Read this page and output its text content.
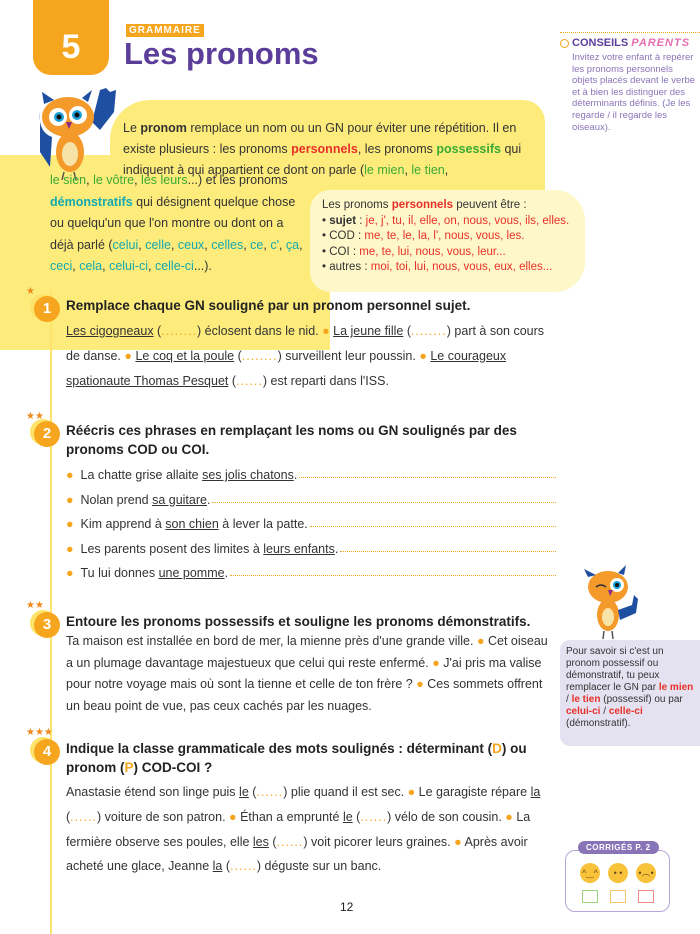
5	GRAMMAIRE
Les pronoms	CONSEILS PARENTS
Invitez votre enfant à repérer les pronoms personnels objets placés devant le verbe et à bien les distinguer des déterminants définis. (Je les regarde / il regarde les oiseaux).
Le pronom remplace un nom ou un GN pour éviter une répétition. Il en existe plusieurs : les pronoms personnels, les pronoms possessifs qui indiquent à qui appartient ce dont on parle (le mien, le tien,
le sien, le vôtre, les leurs...) et les pronoms démonstratifs qui désignent quelque chose ou quelqu'un que l'on montre ou dont on a déjà parlé (celui, celle, ceux, celles, ce, c', ça, ceci, cela, celui-ci, celle-ci...).
Les pronoms personnels peuvent être :
• sujet : je, j', tu, il, elle, on, nous, vous, ils, elles.
• COD : me, te, le, la, l', nous, vous, les.
• COI : me, te, lui, nous, vous, leur...
• autres : moi, toi, lui, nous, vous, eux, elles...
★
1	Remplace chaque GN souligné par un pronom personnel sujet.

Les cigogneaux (........) éclosent dans le nid. ● La jeune fille (........) part à son cours de danse. ● Le coq et la poule (........) surveillent leur poussin. ● Le courageux spationaute Thomas Pesquet (......) est reparti dans l'ISS.

★★
2	Réécris ces phrases en remplaçant les noms ou GN soulignés par des pronoms COD ou COI.
● La chatte grise allaite ses jolis chatons.
● Nolan prend sa guitare.
● Kim apprend à son chien à lever la patte.
● Les parents posent des limites à leurs enfants.
● Tu lui donnes une pomme.
★★
3	Entoure les pronoms possessifs et souligne les pronoms démonstratifs.

Ta maison est installée en bord de mer, la mienne près d'une grande ville. ● Cet oiseau a un plumage davantage majestueux que celui qui reste enfermé. ● J'ai pris ma valise pour notre voyage mais où sont la tienne et celle de ton frère ? ● Ces sommets offrent un beau point de vue, pas ceux cachés par les nuages.

★★★
4	Indique la classe grammaticale des mots soulignés : déterminant (D) ou pronom (P) COD-COI ?

Anastasie étend son linge puis le (......) plie quand il est sec. ● Le garagiste répare la (......) voiture de son patron. ● Éthan a emprunté le (......) vélo de son cousin. ● La fermière observe ses poules, elle les (......) voit picorer leurs graines. ● Après avoir acheté une glace, Jeanne la (......) déguste sur un banc.

Pour savoir si c'est un pronom possessif ou démonstratif, tu peux remplacer le GN par le mien / le tien (possessif) ou par celui-ci / celle-ci (démonstratif).
CORRIGÉS P. 2
^‿^	• •	•︵•
12
